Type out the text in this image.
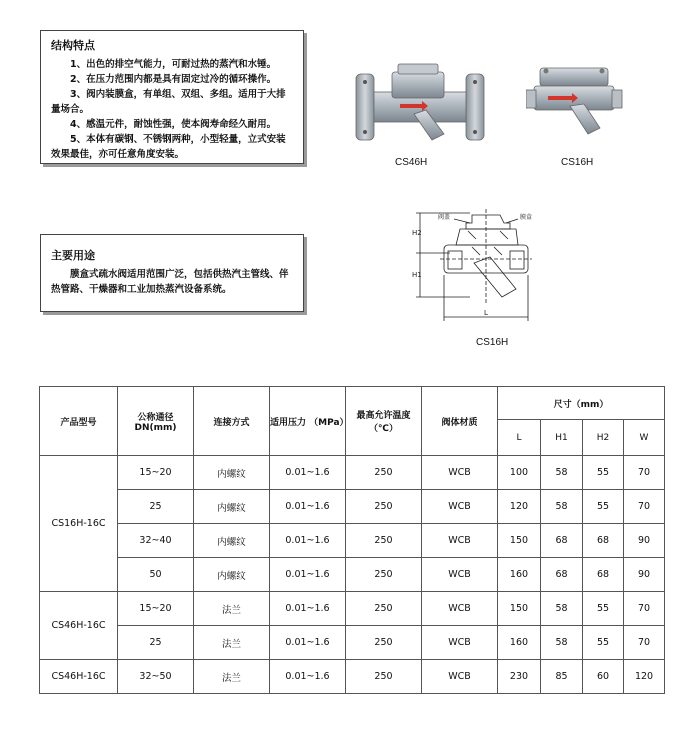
结构特点

1、出色的排空气能力，可耐过热的蒸汽和水锤。

2、在压力范围内都是具有固定过冷的循环操作。

3、阀内装膜盒，有单组、双组、多组。适用于大排量场合。

4、感温元件，耐蚀性强，使本阀寿命经久耐用。

5、本体有碳钢、不锈钢两种，小型轻量，立式安装效果最佳，亦可任意角度安装。

CS46H	CS16H
主要用途

膜盒式疏水阀适用范围广泛，包括供热汽主管线、伴热管路、干燥器和工业加热蒸汽设备系统。

H2
H1
L
阀盖	膜盒
CS16H
产品型号	公称通径 DN(mm)	连接方式	适用压力 （MPa）	最高允许温度 （℃）	阀体材质	尺寸（mm）			
						L	H1	H2	W
CS16H-16C	15~20	内螺纹	0.01~1.6	250	WCB	100	58	55	70
	25	内螺纹	0.01~1.6	250	WCB	120	58	55	70
	32~40	内螺纹	0.01~1.6	250	WCB	150	68	68	90
	50	内螺纹	0.01~1.6	250	WCB	160	68	68	90
CS46H-16C	15~20	法兰	0.01~1.6	250	WCB	150	58	55	70
	25	法兰	0.01~1.6	250	WCB	160	58	55	70
CS46H-16C	32~50	法兰	0.01~1.6	250	WCB	230	85	60	120
